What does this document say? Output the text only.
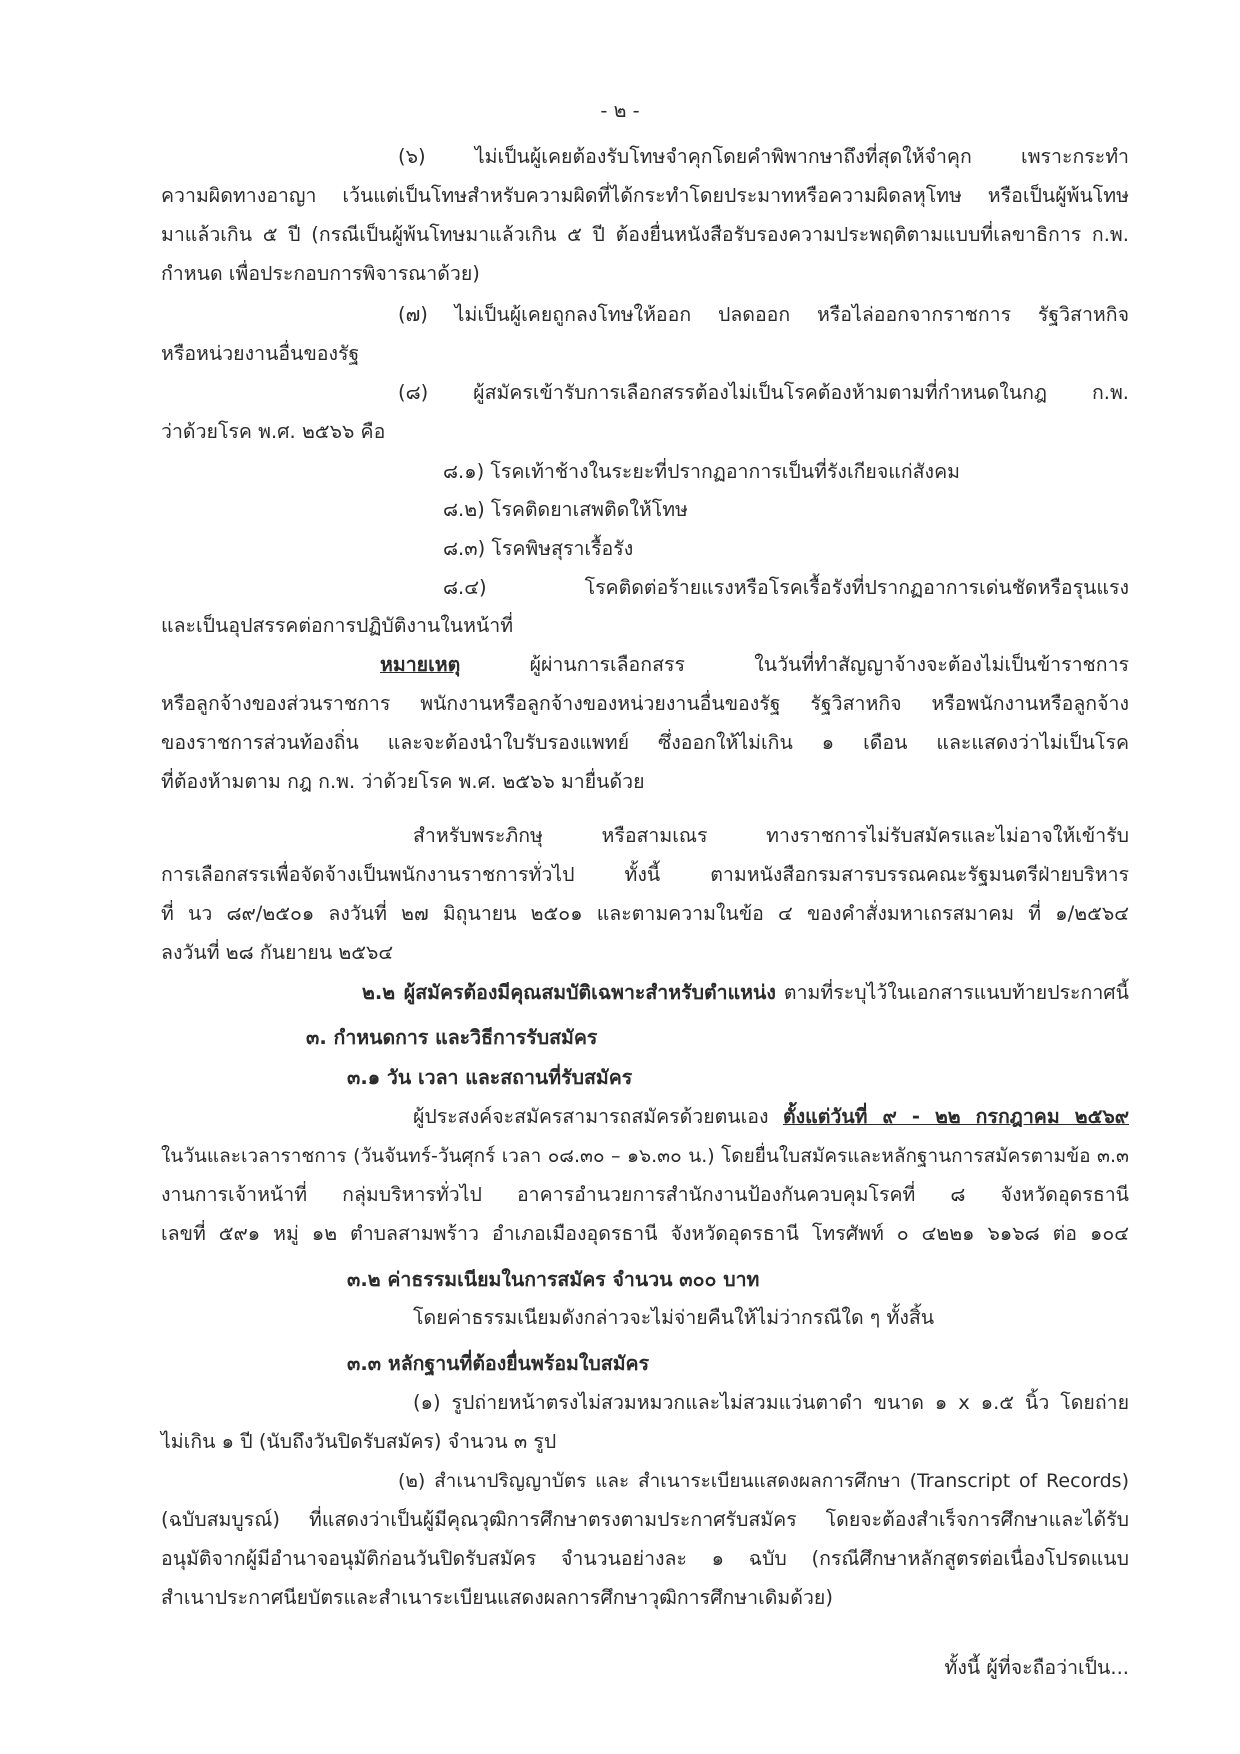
- ๒ -
(๖) ไม่เป็นผู้เคยต้องรับโทษจำคุกโดยคำพิพากษาถึงที่สุดให้จำคุก เพราะกระทำ
ความผิดทางอาญา เว้นแต่เป็นโทษสำหรับความผิดที่ได้กระทำโดยประมาทหรือความผิดลหุโทษ หรือเป็นผู้พ้นโทษ
มาแล้วเกิน ๕ ปี (กรณีเป็นผู้พ้นโทษมาแล้วเกิน ๕ ปี ต้องยื่นหนังสือรับรองความประพฤติตามแบบที่เลขาธิการ ก.พ.
กำหนด เพื่อประกอบการพิจารณาด้วย)
(๗) ไม่เป็นผู้เคยถูกลงโทษให้ออก ปลดออก หรือไล่ออกจากราชการ รัฐวิสาหกิจ
หรือหน่วยงานอื่นของรัฐ
(๘) ผู้สมัครเข้ารับการเลือกสรรต้องไม่เป็นโรคต้องห้ามตามที่กำหนดในกฎ ก.พ.
ว่าด้วยโรค พ.ศ. ๒๕๖๖ คือ
๘.๑) โรคเท้าช้างในระยะที่ปรากฏอาการเป็นที่รังเกียจแก่สังคม
๘.๒) โรคติดยาเสพติดให้โทษ
๘.๓) โรคพิษสุราเรื้อรัง
๘.๔) โรคติดต่อร้ายแรงหรือโรคเรื้อรังที่ปรากฏอาการเด่นชัดหรือรุนแรง
และเป็นอุปสรรคต่อการปฏิบัติงานในหน้าที่
หมายเหตุ ผู้ผ่านการเลือกสรร ในวันที่ทำสัญญาจ้างจะต้องไม่เป็นข้าราชการ
หรือลูกจ้างของส่วนราชการ พนักงานหรือลูกจ้างของหน่วยงานอื่นของรัฐ รัฐวิสาหกิจ หรือพนักงานหรือลูกจ้าง
ของราชการส่วนท้องถิ่น และจะต้องนำใบรับรองแพทย์ ซึ่งออกให้ไม่เกิน ๑ เดือน และแสดงว่าไม่เป็นโรค
ที่ต้องห้ามตาม กฎ ก.พ. ว่าด้วยโรค พ.ศ. ๒๕๖๖ มายื่นด้วย
สำหรับพระภิกษุ หรือสามเณร ทางราชการไม่รับสมัครและไม่อาจให้เข้ารับ
การเลือกสรรเพื่อจัดจ้างเป็นพนักงานราชการทั่วไป ทั้งนี้ ตามหนังสือกรมสารบรรณคณะรัฐมนตรีฝ่ายบริหาร
ที่ นว ๘๙/๒๕๐๑ ลงวันที่ ๒๗ มิถุนายน ๒๕๐๑ และตามความในข้อ ๔ ของคำสั่งมหาเถรสมาคม ที่ ๑/๒๕๖๔
ลงวันที่ ๒๘ กันยายน ๒๕๖๔
๒.๒ ผู้สมัครต้องมีคุณสมบัติเฉพาะสำหรับตำแหน่ง ตามที่ระบุไว้ในเอกสารแนบท้ายประกาศนี้
๓. กำหนดการ และวิธีการรับสมัคร
๓.๑ วัน เวลา และสถานที่รับสมัคร
ผู้ประสงค์จะสมัครสามารถสมัครด้วยตนเอง ตั้งแต่วันที่ ๙ - ๒๒ กรกฎาคม ๒๕๖๙
ในวันและเวลาราชการ (วันจันทร์-วันศุกร์ เวลา ๐๘.๓๐ – ๑๖.๓๐ น.) โดยยื่นใบสมัครและหลักฐานการสมัครตามข้อ ๓.๓
งานการเจ้าหน้าที่ กลุ่มบริหารทั่วไป อาคารอำนวยการสำนักงานป้องกันควบคุมโรคที่ ๘ จังหวัดอุดรธานี
เลขที่ ๕๙๑ หมู่ ๑๒ ตำบลสามพร้าว อำเภอเมืองอุดรธานี จังหวัดอุดรธานี โทรศัพท์ ๐ ๔๒๒๑ ๖๑๖๘ ต่อ ๑๐๔
๓.๒ ค่าธรรมเนียมในการสมัคร จำนวน ๓๐๐ บาท
โดยค่าธรรมเนียมดังกล่าวจะไม่จ่ายคืนให้ไม่ว่ากรณีใด ๆ ทั้งสิ้น
๓.๓ หลักฐานที่ต้องยื่นพร้อมใบสมัคร
(๑) รูปถ่ายหน้าตรงไม่สวมหมวกและไม่สวมแว่นตาดำ ขนาด ๑ x ๑.๕ นิ้ว โดยถ่าย
ไม่เกิน ๑ ปี (นับถึงวันปิดรับสมัคร) จำนวน ๓ รูป
(๒) สำเนาปริญญาบัตร และ สำเนาระเบียนแสดงผลการศึกษา (Transcript of Records)
(ฉบับสมบูรณ์) ที่แสดงว่าเป็นผู้มีคุณวุฒิการศึกษาตรงตามประกาศรับสมัคร โดยจะต้องสำเร็จการศึกษาและได้รับ
อนุมัติจากผู้มีอำนาจอนุมัติก่อนวันปิดรับสมัคร จำนวนอย่างละ ๑ ฉบับ (กรณีศึกษาหลักสูตรต่อเนื่องโปรดแนบ
สำเนาประกาศนียบัตรและสำเนาระเบียนแสดงผลการศึกษาวุฒิการศึกษาเดิมด้วย)
ทั้งนี้ ผู้ที่จะถือว่าเป็น...
